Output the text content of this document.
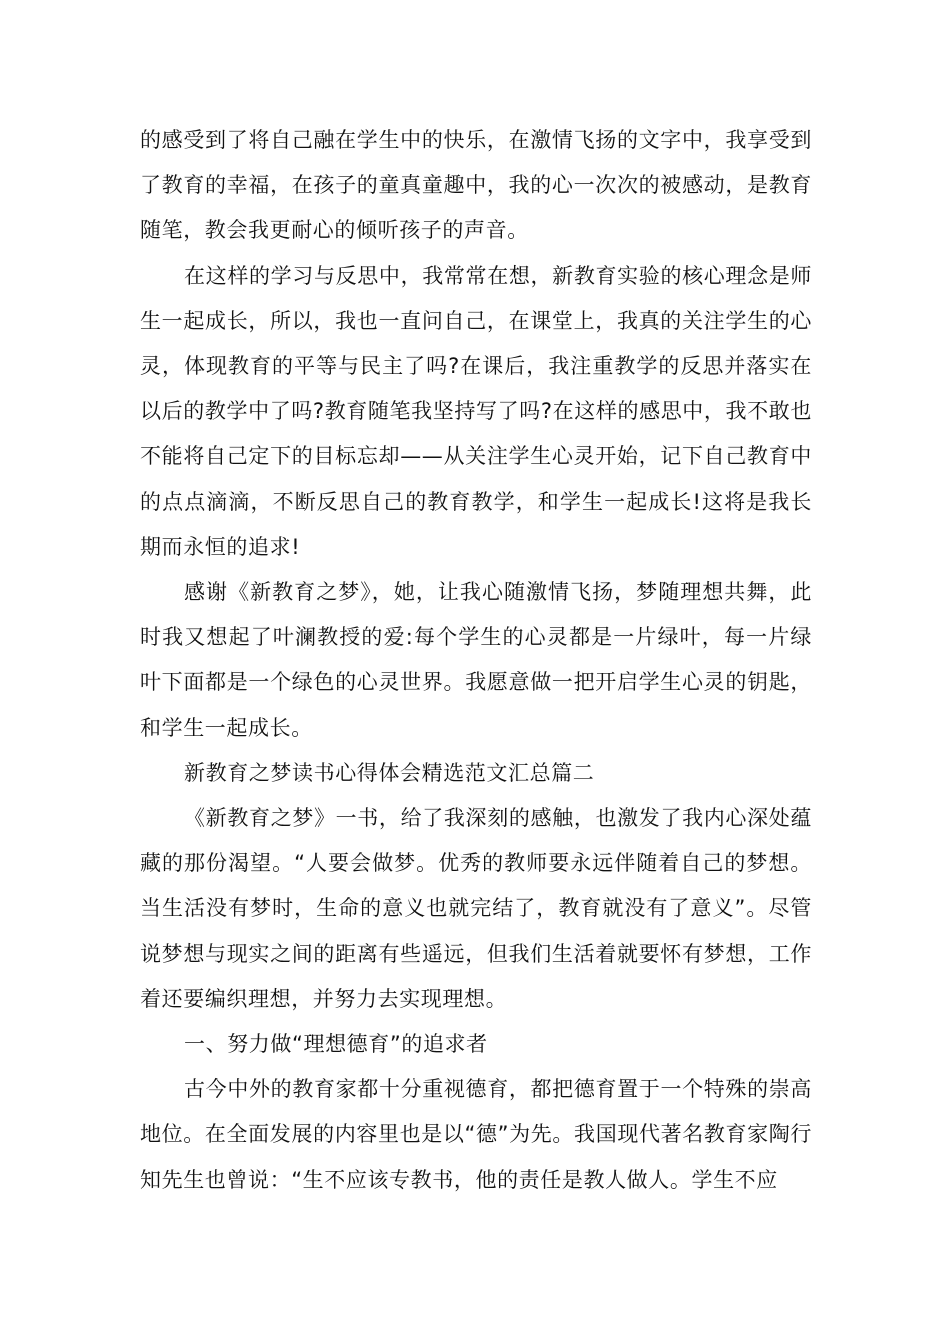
的感受到了将自己融在学生中的快乐，在激情飞扬的文字中，我享受到了教育的幸福，在孩子的童真童趣中，我的心一次次的被感动，是教育随笔，教会我更耐心的倾听孩子的声音。

在这样的学习与反思中，我常常在想，新教育实验的核心理念是师生一起成长，所以，我也一直问自己，在课堂上，我真的关注学生的心灵，体现教育的平等与民主了吗?在课后，我注重教学的反思并落实在以后的教学中了吗?教育随笔我坚持写了吗?在这样的感思中，我不敢也不能将自己定下的目标忘却——从关注学生心灵开始，记下自己教育中的点点滴滴，不断反思自己的教育教学，和学生一起成长!这将是我长期而永恒的追求!

感谢《新教育之梦》，她，让我心随激情飞扬，梦随理想共舞，此时我又想起了叶澜教授的爱:每个学生的心灵都是一片绿叶，每一片绿叶下面都是一个绿色的心灵世界。我愿意做一把开启学生心灵的钥匙，和学生一起成长。

新教育之梦读书心得体会精选范文汇总篇二

《新教育之梦》一书，给了我深刻的感触，也激发了我内心深处蕴藏的那份渴望。“人要会做梦。优秀的教师要永远伴随着自己的梦想。当生活没有梦时，生命的意义也就完结了，教育就没有了意义”。尽管说梦想与现实之间的距离有些遥远，但我们生活着就要怀有梦想，工作着还要编织理想，并努力去实现理想。

一、努力做“理想德育”的追求者

古今中外的教育家都十分重视德育，都把德育置于一个特殊的崇高地位。在全面发展的内容里也是以“德”为先。我国现代著名教育家陶行知先生也曾说：“生不应该专教书，他的责任是教人做人。学生不应
